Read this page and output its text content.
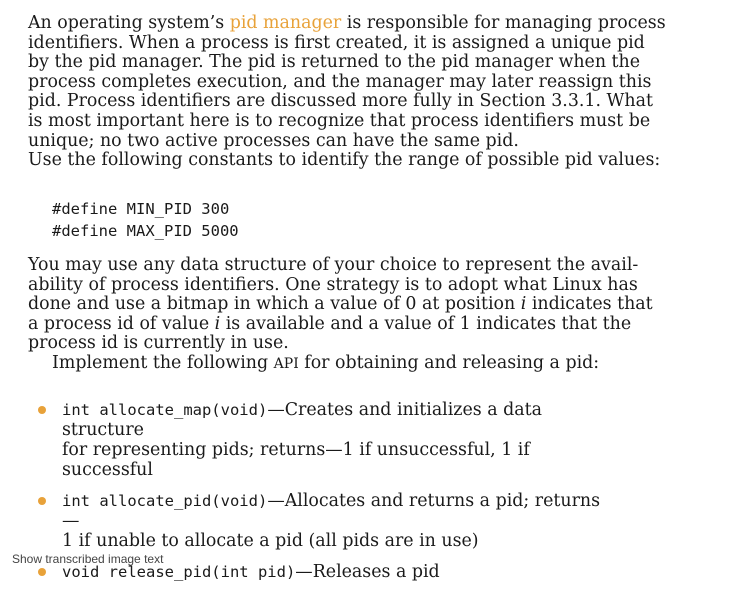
An operating system’s pid manager is responsible for managing process
identifiers. When a process is first created, it is assigned a unique pid
by the pid manager. The pid is returned to the pid manager when the
process completes execution, and the manager may later reassign this
pid. Process identifiers are discussed more fully in Section 3.3.1. What
is most important here is to recognize that process identifiers must be
unique; no two active processes can have the same pid.
Use the following constants to identify the range of possible pid values:
#define MIN_PID 300
#define MAX_PID 5000
You may use any data structure of your choice to represent the avail-
ability of process identifiers. One strategy is to adopt what Linux has
done and use a bitmap in which a value of 0 at position i indicates that
a process id of value i is available and a value of 1 indicates that the
process id is currently in use.
Implement the following API for obtaining and releasing a pid:
int allocate_map(void)—Creates and initializes a data structure
for representing pids; returns—1 if unsuccessful, 1 if successful
int allocate_pid(void)—Allocates and returns a pid; returns—
1 if unable to allocate a pid (all pids are in use)
void release_pid(int pid)—Releases a pid
Show transcribed image text
